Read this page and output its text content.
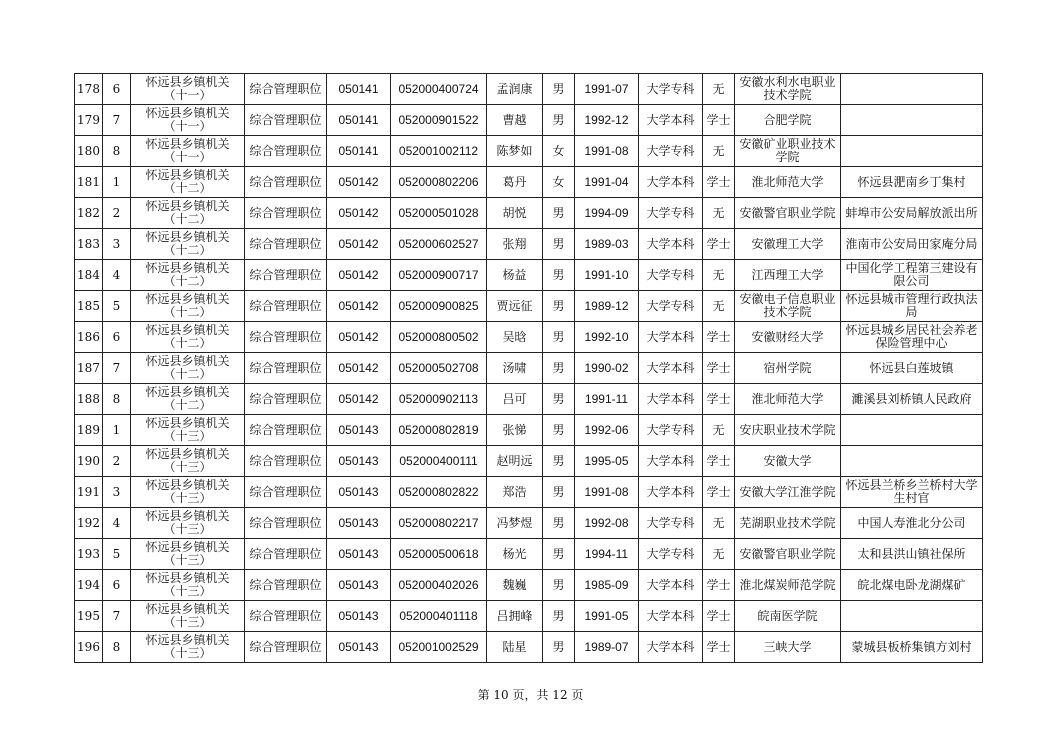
178	6	怀远县乡镇机关
（十一）	综合管理职位	050141	052000400724	孟润康	男	1991-07	大学专科	无	安徽水利水电职业技术学院	
179	7	怀远县乡镇机关
（十一）	综合管理职位	050141	052000901522	曹越	男	1992-12	大学本科	学士	合肥学院	
180	8	怀远县乡镇机关
（十一）	综合管理职位	050141	052001002112	陈梦如	女	1991-08	大学专科	无	安徽矿业职业技术学院	
181	1	怀远县乡镇机关
（十二）	综合管理职位	050142	052000802206	葛丹	女	1991-04	大学本科	学士	淮北师范大学	怀远县淝南乡丁集村
182	2	怀远县乡镇机关
（十二）	综合管理职位	050142	052000501028	胡悦	男	1994-09	大学专科	无	安徽警官职业学院	蚌埠市公安局解放派出所
183	3	怀远县乡镇机关
（十二）	综合管理职位	050142	052000602527	张翔	男	1989-03	大学本科	学士	安徽理工大学	淮南市公安局田家庵分局
184	4	怀远县乡镇机关
（十二）	综合管理职位	050142	052000900717	杨益	男	1991-10	大学专科	无	江西理工大学	中国化学工程第三建设有限公司
185	5	怀远县乡镇机关
（十二）	综合管理职位	050142	052000900825	贾远征	男	1989-12	大学专科	无	安徽电子信息职业技术学院	怀远县城市管理行政执法局
186	6	怀远县乡镇机关
（十二）	综合管理职位	050142	052000800502	吴晗	男	1992-10	大学本科	学士	安徽财经大学	怀远县城乡居民社会养老保险管理中心
187	7	怀远县乡镇机关
（十二）	综合管理职位	050142	052000502708	汤啸	男	1990-02	大学本科	学士	宿州学院	怀远县白莲坡镇
188	8	怀远县乡镇机关
（十二）	综合管理职位	050142	052000902113	吕可	男	1991-11	大学本科	学士	淮北师范大学	濉溪县刘桥镇人民政府
189	1	怀远县乡镇机关
（十三）	综合管理职位	050143	052000802819	张悌	男	1992-06	大学专科	无	安庆职业技术学院	
190	2	怀远县乡镇机关
（十三）	综合管理职位	050143	052000400111	赵明远	男	1995-05	大学本科	学士	安徽大学	
191	3	怀远县乡镇机关
（十三）	综合管理职位	050143	052000802822	郑浩	男	1991-08	大学本科	学士	安徽大学江淮学院	怀远县兰桥乡兰桥村大学生村官
192	4	怀远县乡镇机关
（十三）	综合管理职位	050143	052000802217	冯梦煜	男	1992-08	大学专科	无	芜湖职业技术学院	中国人寿淮北分公司
193	5	怀远县乡镇机关
（十三）	综合管理职位	050143	052000500618	杨光	男	1994-11	大学专科	无	安徽警官职业学院	太和县洪山镇社保所
194	6	怀远县乡镇机关
（十三）	综合管理职位	050143	052000402026	魏巍	男	1985-09	大学本科	学士	淮北煤炭师范学院	皖北煤电卧龙湖煤矿
195	7	怀远县乡镇机关
（十三）	综合管理职位	050143	052000401118	吕拥峰	男	1991-05	大学本科	学士	皖南医学院	
196	8	怀远县乡镇机关
（十三）	综合管理职位	050143	052001002529	陆星	男	1989-07	大学本科	学士	三峡大学	蒙城县板桥集镇方刘村
第 10 页，共 12 页
